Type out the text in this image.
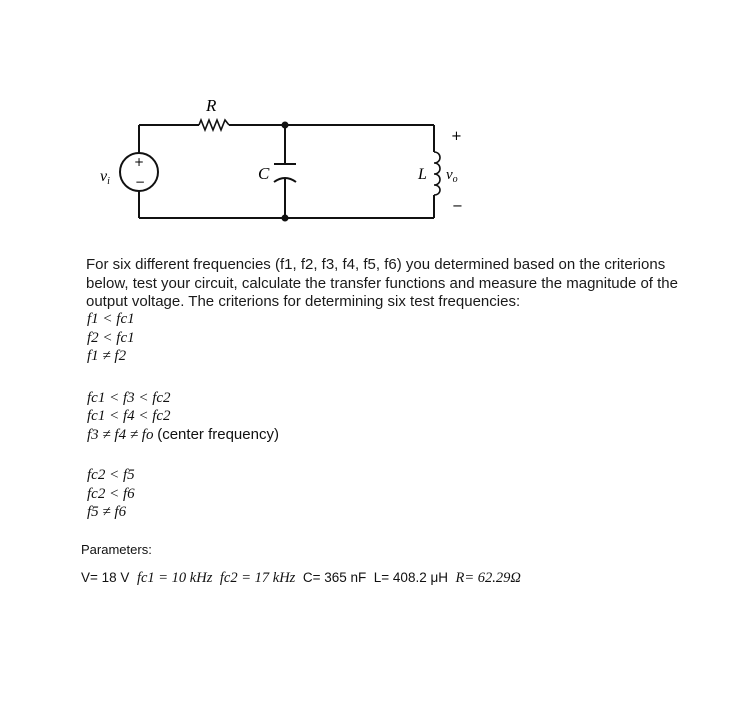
R
C	L
+
−
vi
+
$v_o$
−
For six different frequencies (f1, f2, f3, f4, f5, f6) you determined based on the criterions below, test your circuit, calculate the transfer functions and measure the magnitude of the output voltage. The criterions for determining six test frequencies:
f1 < fc1
f2 < fc1
f1 ≠ f2
fc1 < f3 < fc2
fc1 < f4 < fc2
f3 ≠ f4 ≠ fo (center frequency)
fc2 < f5
fc2 < f6
f5 ≠ f6
Parameters:
V= 18 V fc1 = 10 kHz fc2 = 17 kHz C= 365 nF L= 408.2 μH R= 62.29Ω
